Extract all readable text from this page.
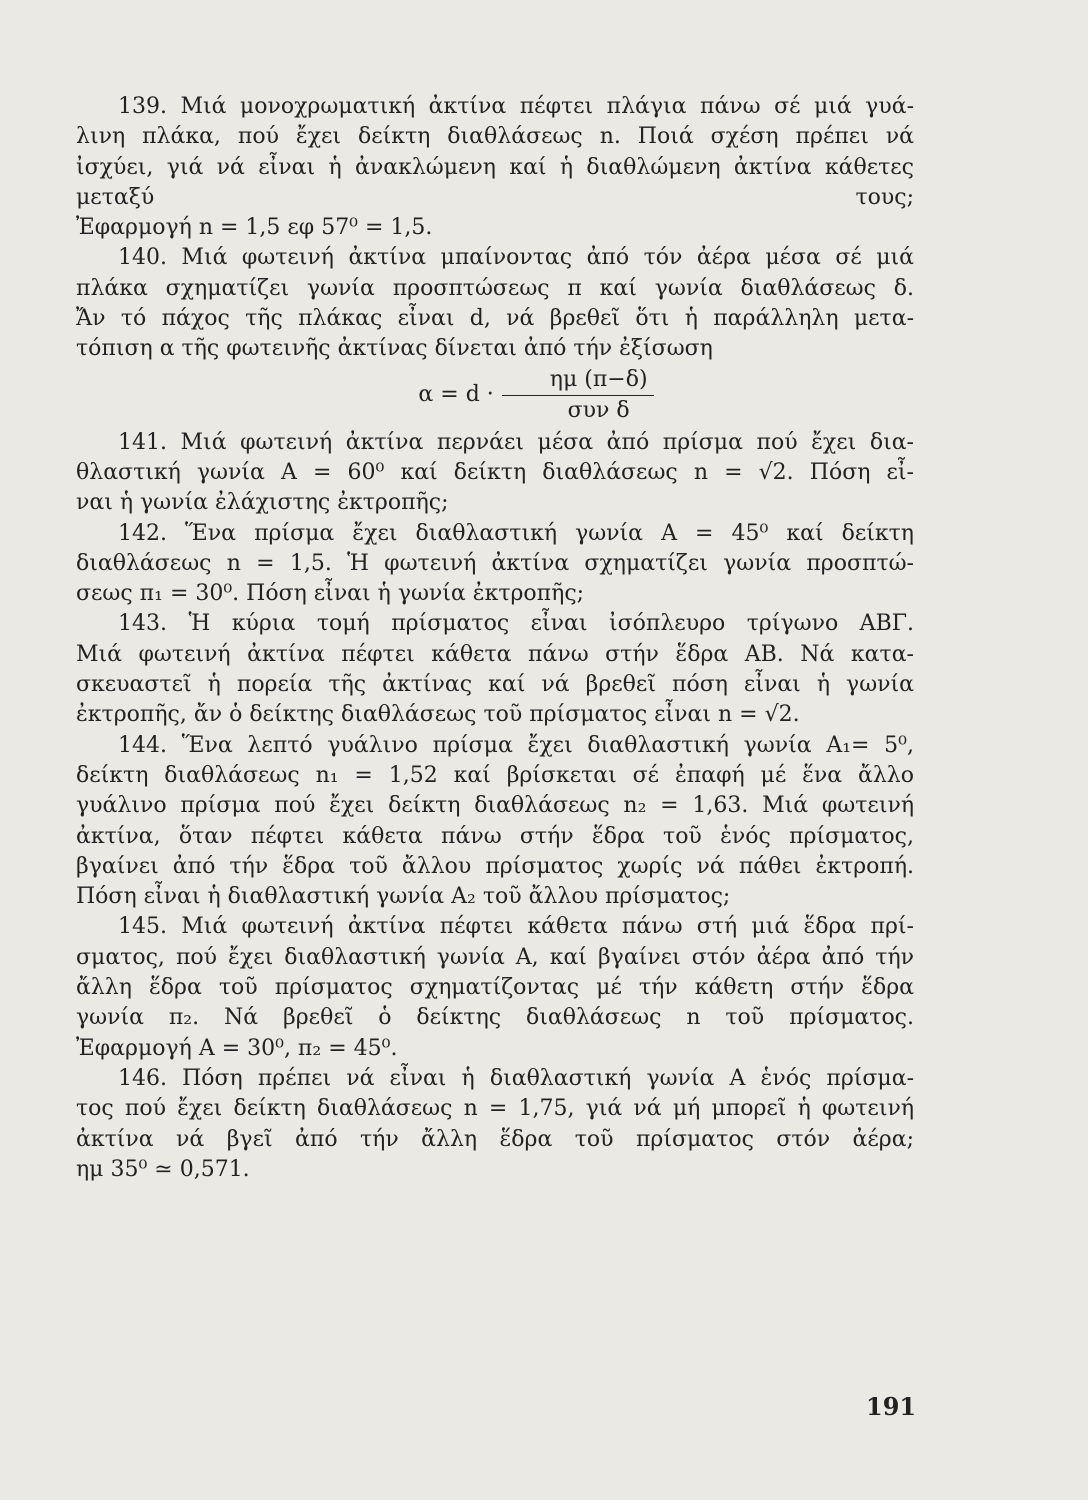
139. Μιά μονοχρωματική ἀκτίνα πέφτει πλάγια πάνω σέ μιά γυά-
λινη πλάκα, πού ἔχει δείκτη διαθλάσεως n. Ποιά σχέση πρέπει νά
ἰσχύει, γιά νά εἶναι ἡ ἀνακλώμενη καί ἡ διαθλώμενη ἀκτίνα κάθετες
μεταξύ τους;
Ἐφαρμογή n = 1,5 εφ 57⁰ = 1,5.
140. Μιά φωτεινή ἀκτίνα μπαίνοντας ἀπό τόν ἀέρα μέσα σέ μιά
πλάκα σχηματίζει γωνία προσπτώσεως π καί γωνία διαθλάσεως δ.
Ἄν τό πάχος τῆς πλάκας εἶναι d, νά βρεθεῖ ὅτι ἡ παράλληλη μετα-
τόπιση α τῆς φωτεινῆς ἀκτίνας δίνεται ἀπό τήν ἐξίσωση
$\alpha = d \cdot \frac{\eta\mu (\pi-\delta)}{\text{συν δ}}$
141. Μιά φωτεινή ἀκτίνα περνάει μέσα ἀπό πρίσμα πού ἔχει δια-
θλαστική γωνία Α = 60⁰ καί δείκτη διαθλάσεως n = √2. Πόση εἶ-
ναι ἡ γωνία ἐλάχιστης ἐκτροπῆς;
142. Ἕνα πρίσμα ἔχει διαθλαστική γωνία Α = 45⁰ καί δείκτη
διαθλάσεως n = 1,5. Ἡ φωτεινή ἀκτίνα σχηματίζει γωνία προσπτώ-
σεως π₁ = 30⁰. Πόση εἶναι ἡ γωνία ἐκτροπῆς;
143. Ἡ κύρια τομή πρίσματος εἶναι ἰσόπλευρο τρίγωνο ΑΒΓ.
Μιά φωτεινή ἀκτίνα πέφτει κάθετα πάνω στήν ἕδρα ΑΒ. Νά κατα-
σκευαστεῖ ἡ πορεία τῆς ἀκτίνας καί νά βρεθεῖ πόση εἶναι ἡ γωνία
ἐκτροπῆς, ἄν ὁ δείκτης διαθλάσεως τοῦ πρίσματος εἶναι n = √2.
144. Ἕνα λεπτό γυάλινο πρίσμα ἔχει διαθλαστική γωνία Α₁= 5⁰,
δείκτη διαθλάσεως n₁ = 1,52 καί βρίσκεται σέ ἐπαφή μέ ἕνα ἄλλο
γυάλινο πρίσμα πού ἔχει δείκτη διαθλάσεως n₂ = 1,63. Μιά φωτεινή
ἀκτίνα, ὅταν πέφτει κάθετα πάνω στήν ἕδρα τοῦ ἑνός πρίσματος,
βγαίνει ἀπό τήν ἕδρα τοῦ ἄλλου πρίσματος χωρίς νά πάθει ἐκτροπή.
Πόση εἶναι ἡ διαθλαστική γωνία Α₂ τοῦ ἄλλου πρίσματος;
145. Μιά φωτεινή ἀκτίνα πέφτει κάθετα πάνω στή μιά ἕδρα πρί-
σματος, πού ἔχει διαθλαστική γωνία Α, καί βγαίνει στόν ἀέρα ἀπό τήν
ἄλλη ἕδρα τοῦ πρίσματος σχηματίζοντας μέ τήν κάθετη στήν ἕδρα
γωνία π₂. Νά βρεθεῖ ὁ δείκτης διαθλάσεως n τοῦ πρίσματος.
Ἐφαρμογή Α = 30⁰, π₂ = 45⁰.
146. Πόση πρέπει νά εἶναι ἡ διαθλαστική γωνία Α ἑνός πρίσμα-
τος πού ἔχει δείκτη διαθλάσεως n = 1,75, γιά νά μή μπορεῖ ἡ φωτεινή
ἀκτίνα νά βγεῖ ἀπό τήν ἄλλη ἕδρα τοῦ πρίσματος στόν ἀέρα;
ημ 35⁰ ≃ 0,571.
191
